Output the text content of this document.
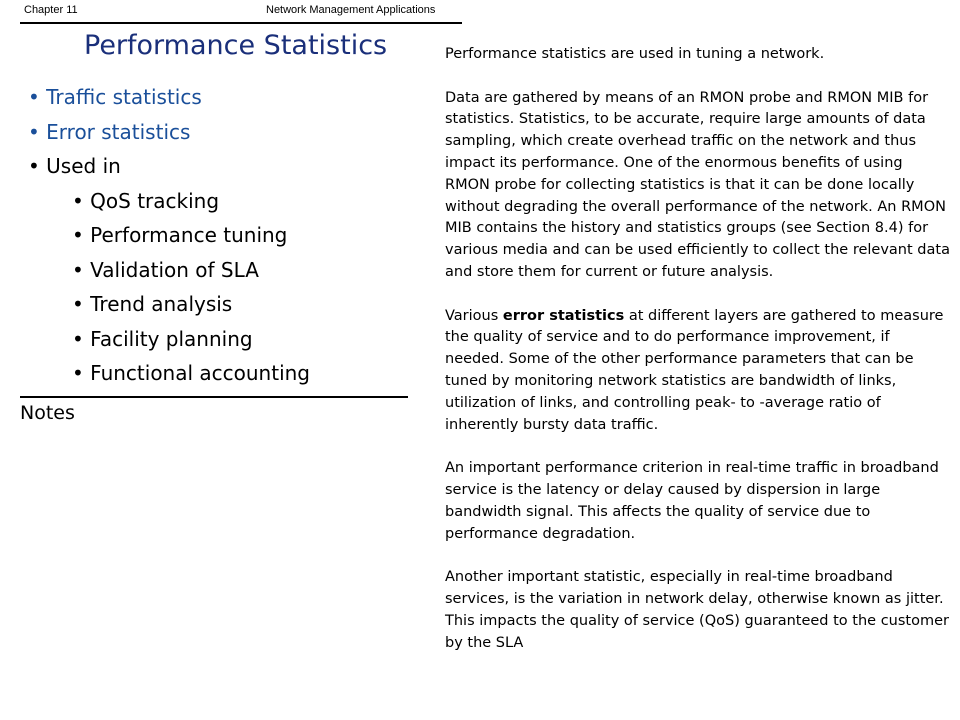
Chapter 11	Network Management Applications
Performance Statistics
• Traffic statistics
• Error statistics
• Used in
• QoS tracking
• Performance tuning
• Validation of SLA
• Trend analysis
• Facility planning
• Functional accounting
Notes

Performance statistics are used in tuning a network.

Data are gathered by means of an RMON probe and RMON MIB for statistics. Statistics, to be accurate, require large amounts of data sampling, which create overhead traffic on the network and thus impact its performance. One of the enormous benefits of using RMON probe for collecting statistics is that it can be done locally without degrading the overall performance of the network. An RMON MIB contains the history and statistics groups (see Section 8.4) for various media and can be used efficiently to collect the relevant data and store them for current or future analysis.

Various error statistics at different layers are gathered to measure the quality of service and to do performance improvement, if needed. Some of the other performance parameters that can be tuned by monitoring network statistics are bandwidth of links, utilization of links, and controlling peak- to -average ratio of inherently bursty data traffic.

An important performance criterion in real-time traffic in broadband service is the latency or delay caused by dispersion in large bandwidth signal. This affects the quality of service due to performance degradation.

Another important statistic, especially in real-time broadband services, is the variation in network delay, otherwise known as jitter. This impacts the quality of service (QoS) guaranteed to the customer by the SLA
